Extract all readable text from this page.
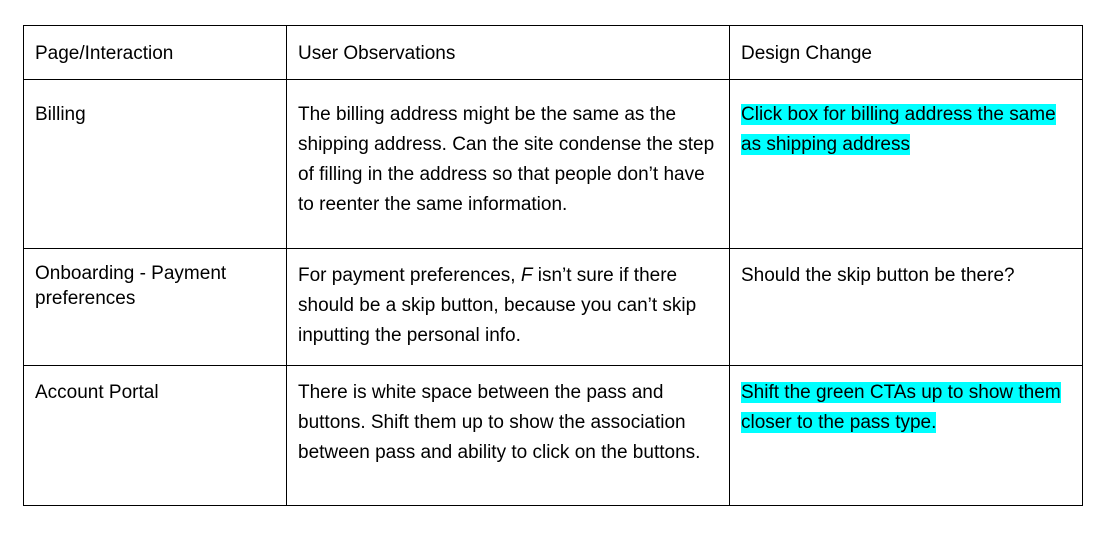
Page/Interaction	User Observations	Design Change

Billing	The billing address might be the same as the shipping address. Can the site condense the step of filling in the address so that people don’t have to reenter the same information.	Click box for billing address the same as shipping address

Onboarding - Payment preferences	For payment preferences, F isn’t sure if there should be a skip button, because you can’t skip inputting the personal info.	Should the skip button be there?
Account Portal	There is white space between the pass and buttons. Shift them up to show the association between pass and ability to click on the buttons.	Shift the green CTAs up to show them closer to the pass type.
